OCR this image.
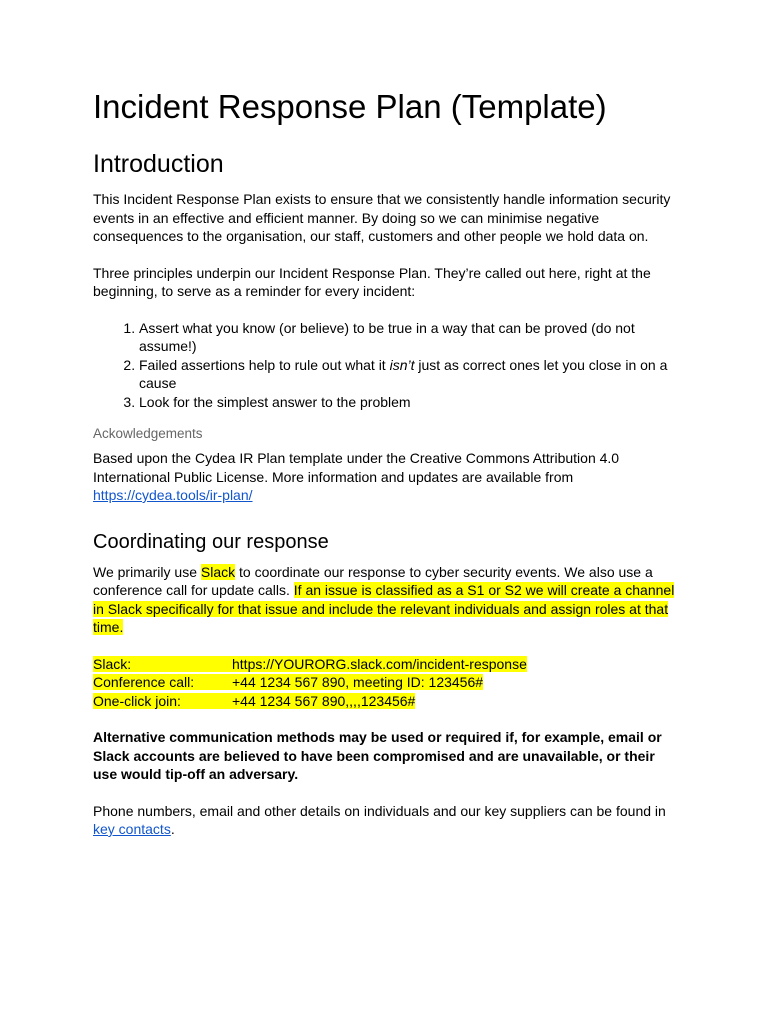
Incident Response Plan (Template)
Introduction

This Incident Response Plan exists to ensure that we consistently handle information security events in an effective and efficient manner. By doing so we can minimise negative consequences to the organisation, our staff, customers and other people we hold data on.

Three principles underpin our Incident Response Plan. They’re called out here, right at the beginning, to serve as a reminder for every incident:

1. Assert what you know (or believe) to be true in a way that can be proved (do not assume!)
2. Failed assertions help to rule out what it isn’t just as correct ones let you close in on a cause
3. Look for the simplest answer to the problem
Ackowledgements

Based upon the Cydea IR Plan template under the Creative Commons Attribution 4.0 International Public License. More information and updates are available from
https://cydea.tools/ir-plan/

Coordinating our response

We primarily use Slack to coordinate our response to cyber security events. We also use a conference call for update calls. If an issue is classified as a S1 or S2 we will create a channel in Slack specifically for that issue and include the relevant individuals and assign roles at that time.

Slack:	https://YOURORG.slack.com/incident-response
Conference call:	+44 1234 567 890, meeting ID: 123456#
One-click join:	+44 1234 567 890,,,,123456#

Alternative communication methods may be used or required if, for example, email or Slack accounts are believed to have been compromised and are unavailable, or their use would tip-off an adversary.

Phone numbers, email and other details on individuals and our key suppliers can be found in
key contacts.
